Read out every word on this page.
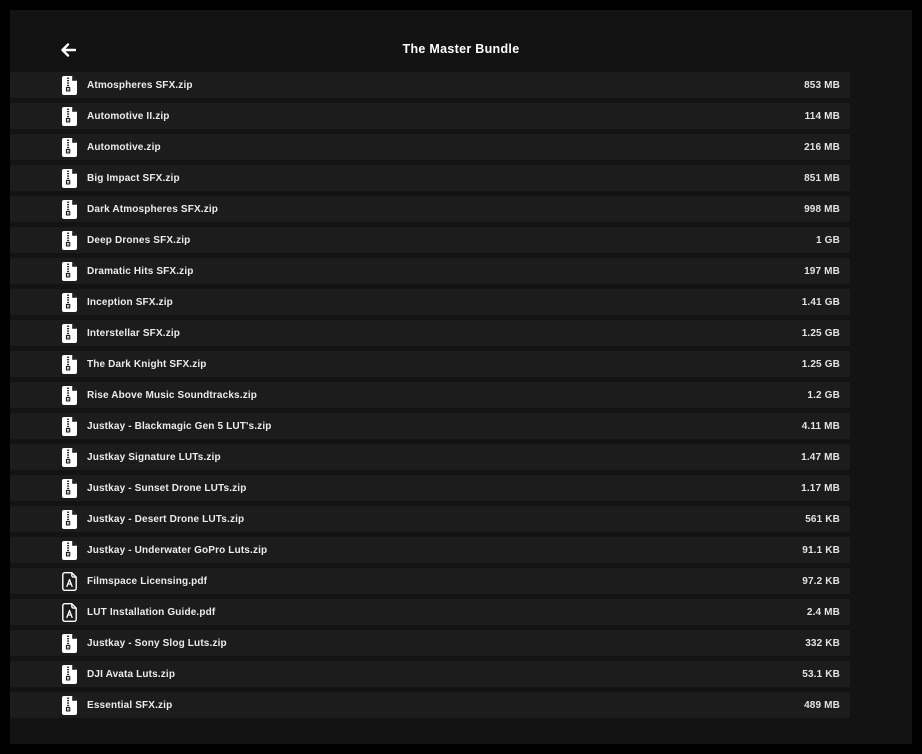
The Master Bundle
Atmospheres SFX.zip	853 MB
Automotive II.zip	114 MB
Automotive.zip	216 MB
Big Impact SFX.zip	851 MB
Dark Atmospheres SFX.zip	998 MB
Deep Drones SFX.zip	1 GB
Dramatic Hits SFX.zip	197 MB
Inception SFX.zip	1.41 GB
Interstellar SFX.zip	1.25 GB
The Dark Knight SFX.zip	1.25 GB
Rise Above Music Soundtracks.zip	1.2 GB
Justkay - Blackmagic Gen 5 LUT's.zip	4.11 MB
Justkay Signature LUTs.zip	1.47 MB
Justkay - Sunset Drone LUTs.zip	1.17 MB
Justkay - Desert Drone LUTs.zip	561 KB
Justkay - Underwater GoPro Luts.zip	91.1 KB
Filmspace Licensing.pdf	97.2 KB
LUT Installation Guide.pdf	2.4 MB
Justkay - Sony Slog Luts.zip	332 KB
DJI Avata Luts.zip	53.1 KB
Essential SFX.zip	489 MB
